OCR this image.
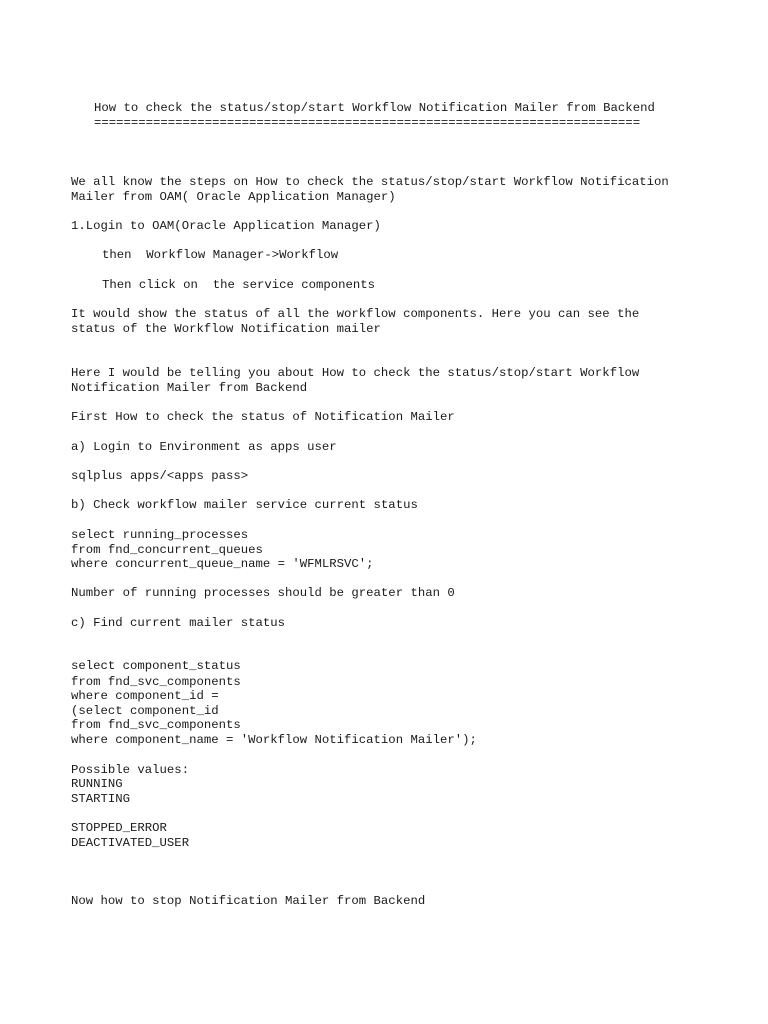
How to check the status/stop/start Workflow Notification Mailer from Backend
==========================================================================
We all know the steps on How to check the status/stop/start Workflow Notification
Mailer from OAM( Oracle Application Manager)
1.Login to OAM(Oracle Application Manager)
then  Workflow Manager->Workflow
Then click on  the service components
It would show the status of all the workflow components. Here you can see the
status of the Workflow Notification mailer
Here I would be telling you about How to check the status/stop/start Workflow
Notification Mailer from Backend
First How to check the status of Notification Mailer
a) Login to Environment as apps user
sqlplus apps/<apps pass>
b) Check workflow mailer service current status
select running_processes
from fnd_concurrent_queues
where concurrent_queue_name = 'WFMLRSVC';
Number of running processes should be greater than 0
c) Find current mailer status
select component_status
from fnd_svc_components
where component_id =
(select component_id
from fnd_svc_components
where component_name = 'Workflow Notification Mailer');
Possible values:
RUNNING
STARTING
STOPPED_ERROR
DEACTIVATED_USER
Now how to stop Notification Mailer from Backend
